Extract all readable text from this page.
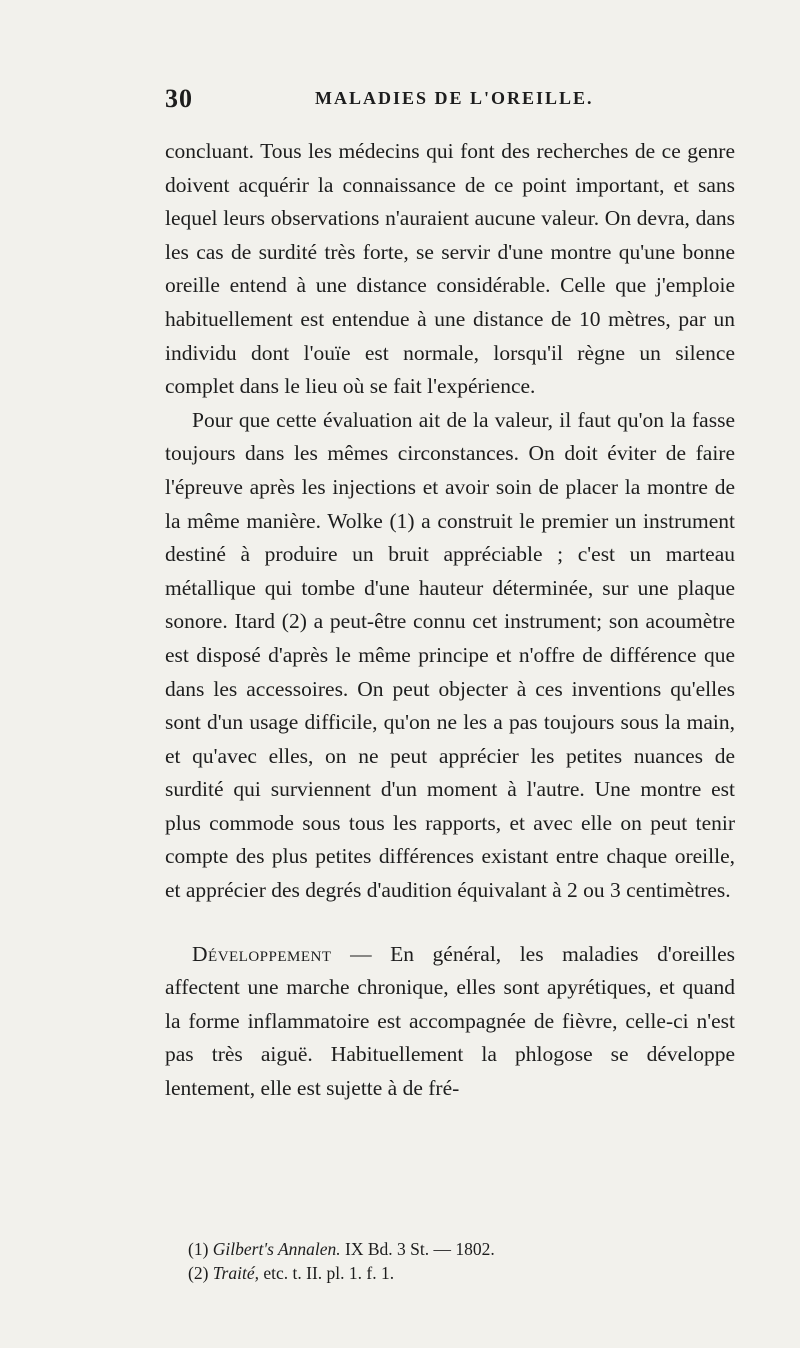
30	MALADIES DE L'OREILLE.

concluant. Tous les médecins qui font des recherches de ce genre doivent acquérir la connaissance de ce point important, et sans lequel leurs observations n'auraient aucune valeur. On devra, dans les cas de surdité très forte, se servir d'une montre qu'une bonne oreille entend à une distance considérable. Celle que j'emploie habituellement est entendue à une distance de 10 mètres, par un individu dont l'ouïe est normale, lorsqu'il règne un silence complet dans le lieu où se fait l'expérience.

Pour que cette évaluation ait de la valeur, il faut qu'on la fasse toujours dans les mêmes circonstances. On doit éviter de faire l'épreuve après les injections et avoir soin de placer la montre de la même manière. Wolke (1) a construit le premier un instrument destiné à produire un bruit appréciable ; c'est un marteau métallique qui tombe d'une hauteur déterminée, sur une plaque sonore. Itard (2) a peut-être connu cet instrument; son acoumètre est disposé d'après le même principe et n'offre de différence que dans les accessoires. On peut objecter à ces inventions qu'elles sont d'un usage difficile, qu'on ne les a pas toujours sous la main, et qu'avec elles, on ne peut apprécier les petites nuances de surdité qui surviennent d'un moment à l'autre. Une montre est plus commode sous tous les rapports, et avec elle on peut tenir compte des plus petites différences existant entre chaque oreille, et apprécier des degrés d'audition équivalant à 2 ou 3 centimètres.

Développement — En général, les maladies d'oreilles affectent une marche chronique, elles sont apyrétiques, et quand la forme inflammatoire est accompagnée de fièvre, celle-ci n'est pas très aiguë. Habituellement la phlogose se développe lentement, elle est sujette à de fré-

(1) Gilbert's Annalen. IX Bd. 3 St. — 1802.
(2) Traité, etc. t. II. pl. 1. f. 1.
